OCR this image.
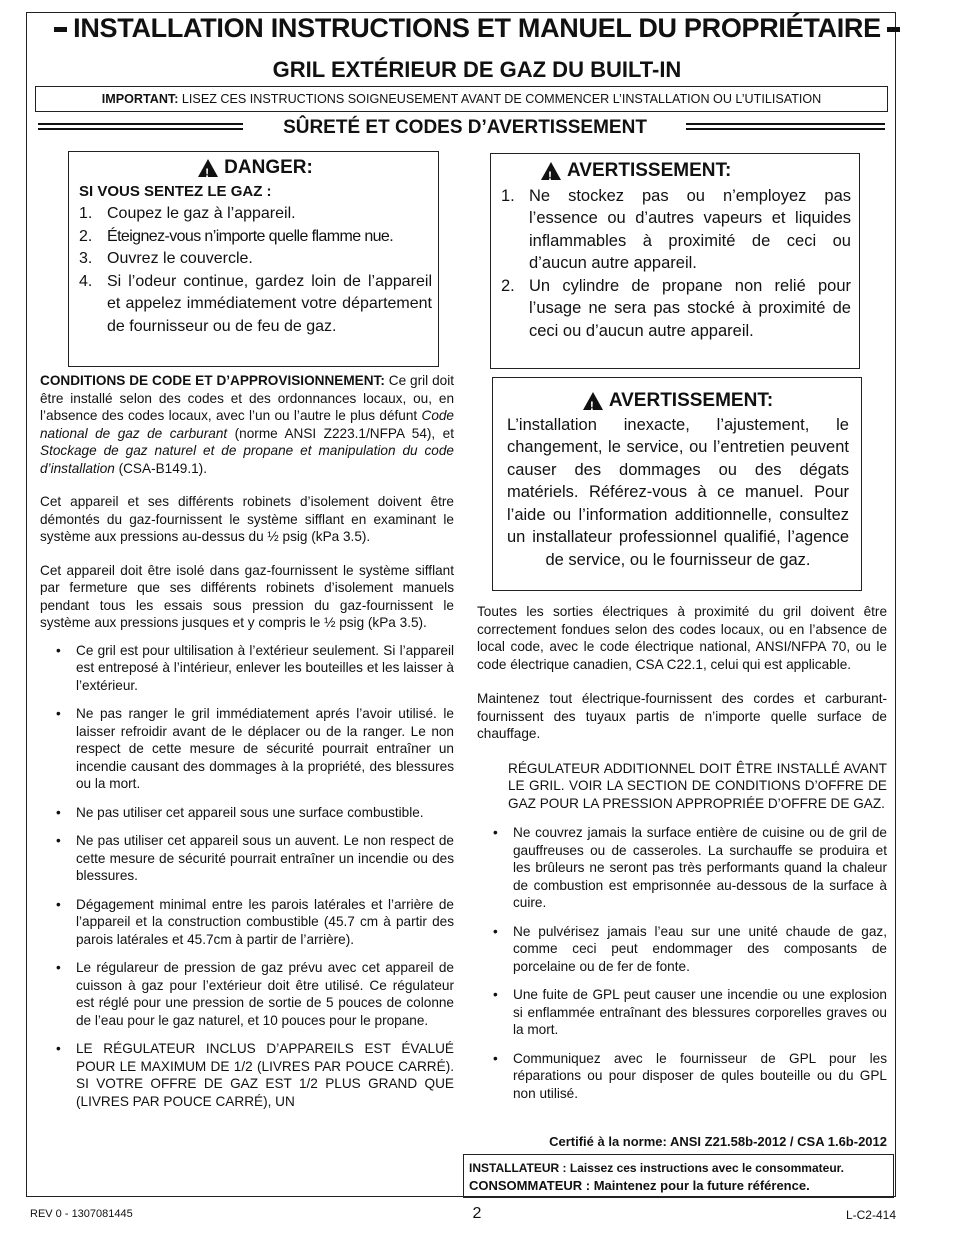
INSTALLATION INSTRUCTIONS ET MANUEL DU PROPRIÉTAIRE
GRIL EXTÉRIEUR DE GAZ DU BUILT-IN
IMPORTANT: LISEZ CES INSTRUCTIONS SOIGNEUSEMENT AVANT DE COMMENCER L’INSTALLATION OU L’UTILISATION
SÛRETÉ ET CODES D’AVERTISSEMENT
!
DANGER:
SI VOUS SENTEZ LE GAZ :
1. Coupez le gaz à l’appareil.
2. Éteignez-vous n’importe quelle flamme nue.
3. Ouvrez le couvercle.
4. Si l’odeur continue, gardez loin de l’appareil et appelez immédiatement votre département de fournisseur ou de feu de gaz.
!
AVERTISSEMENT:
1. Ne stockez pas ou n’employez pas l’essence ou d’autres vapeurs et liquides inflammables à proximité de ceci ou d’aucun autre appareil.
2. Un cylindre de propane non relié pour l’usage ne sera pas stocké à proximité de ceci ou d’aucun autre appareil.
!
AVERTISSEMENT:
L’installation inexacte, l’ajustement, le changement, le service, ou l’entretien peuvent causer des dommages ou des dégats matériels. Référez-vous à ce manuel. Pour l’aide ou l’information additionnelle, consultez un installateur professionnel qualifié, l’agence de service, ou le fournisseur de gaz.

CONDITIONS DE CODE ET D’APPROVISIONNEMENT: Ce gril doit être installé selon des codes et des ordonnances locaux, ou, en l’absence des codes locaux, avec l’un ou l’autre le plus défunt Code national de gaz de carburant (norme ANSI Z223.1/NFPA 54), et Stockage de gaz naturel et de propane et manipulation du code d’installation (CSA-B149.1).

Cet appareil et ses différents robinets d’isolement doivent être démontés du gaz-fournissent le système sifflant en examinant le système aux pressions au-dessus du ½ psig (kPa 3.5).

Cet appareil doit être isolé dans gaz-fournissent le système sifflant par fermeture que ses différents robinets d’isolement manuels pendant tous les essais sous pression du gaz-fournissent le système aux pressions jusques et y compris le ½ psig (kPa 3.5).

• Ce gril est pour ultilisation à l’extérieur seulement. Si l’appareil est entreposé à l’intérieur, enlever les bouteilles et les laisser à l’extérieur.
• Ne pas ranger le gril immédiatement aprés l’avoir utilisé. le laisser refroidir avant de le déplacer ou de la ranger. Le non respect de cette mesure de sécurité pourrait entraîner un incendie causant des dommages à la propriété, des blessures ou la mort.
• Ne pas utiliser cet appareil sous une surface combustible.
• Ne pas utiliser cet appareil sous un auvent. Le non respect de cette mesure de sécurité pourrait entraîner un incendie ou des blessures.
• Dégagement minimal entre les parois latérales et l’arrière de l’appareil et la construction combustible (45.7 cm à partir des parois latérales et 45.7cm à partir de l’arrière).
• Le régulareur de pression de gaz prévu avec cet appareil de cuisson à gaz pour l’extérieur doit être utilisé. Ce régulateur est réglé pour une pression de sortie de 5 pouces de colonne de l’eau pour le gaz naturel, et 10 pouces pour le propane.
• LE RÉGULATEUR INCLUS D’APPAREILS EST ÉVALUÉ POUR LE MAXIMUM DE 1/2 (LIVRES PAR POUCE CARRÉ). SI VOTRE OFFRE DE GAZ EST 1/2 PLUS GRAND QUE (LIVRES PAR POUCE CARRÉ), UN

Toutes les sorties électriques à proximité du gril doivent être correctement fondues selon des codes locaux, ou en l’absence de local code, avec le code électrique national, ANSI/NFPA 70, ou le code électrique canadien, CSA C22.1, celui qui est applicable.

Maintenez tout électrique-fournissent des cordes et carburant-fournissent des tuyaux partis de n’importe quelle surface de chauffage.

RÉGULATEUR ADDITIONNEL DOIT ÊTRE INSTALLÉ AVANT LE GRIL. VOIR LA SECTION DE CONDITIONS D’OFFRE DE GAZ POUR LA PRESSION APPROPRIÉE D’OFFRE DE GAZ.

• Ne couvrez jamais la surface entière de cuisine ou de gril de gauffreuses ou de casseroles. La surchauffe se produira et les brûleurs ne seront pas très performants quand la chaleur de combustion est emprisonnée au-dessous de la surface à cuire.
• Ne pulvérisez jamais l’eau sur une unité chaude de gaz, comme ceci peut endommager des composants de porcelaine ou de fer de fonte.
• Une fuite de GPL peut causer une incendie ou une explosion si enflammée entraînant des blessures corporelles graves ou la mort.
• Communiquez avec le fournisseur de GPL pour les réparations ou pour disposer de qules bouteille ou du GPL non utilisé.
Certifié à la norme: ANSI Z21.58b-2012 / CSA 1.6b-2012
INSTALLATEUR : Laissez ces instructions avec le consommateur.
CONSOMMATEUR : Maintenez pour la future référence.
REV 0 - 1307081445	2	L-C2-414
